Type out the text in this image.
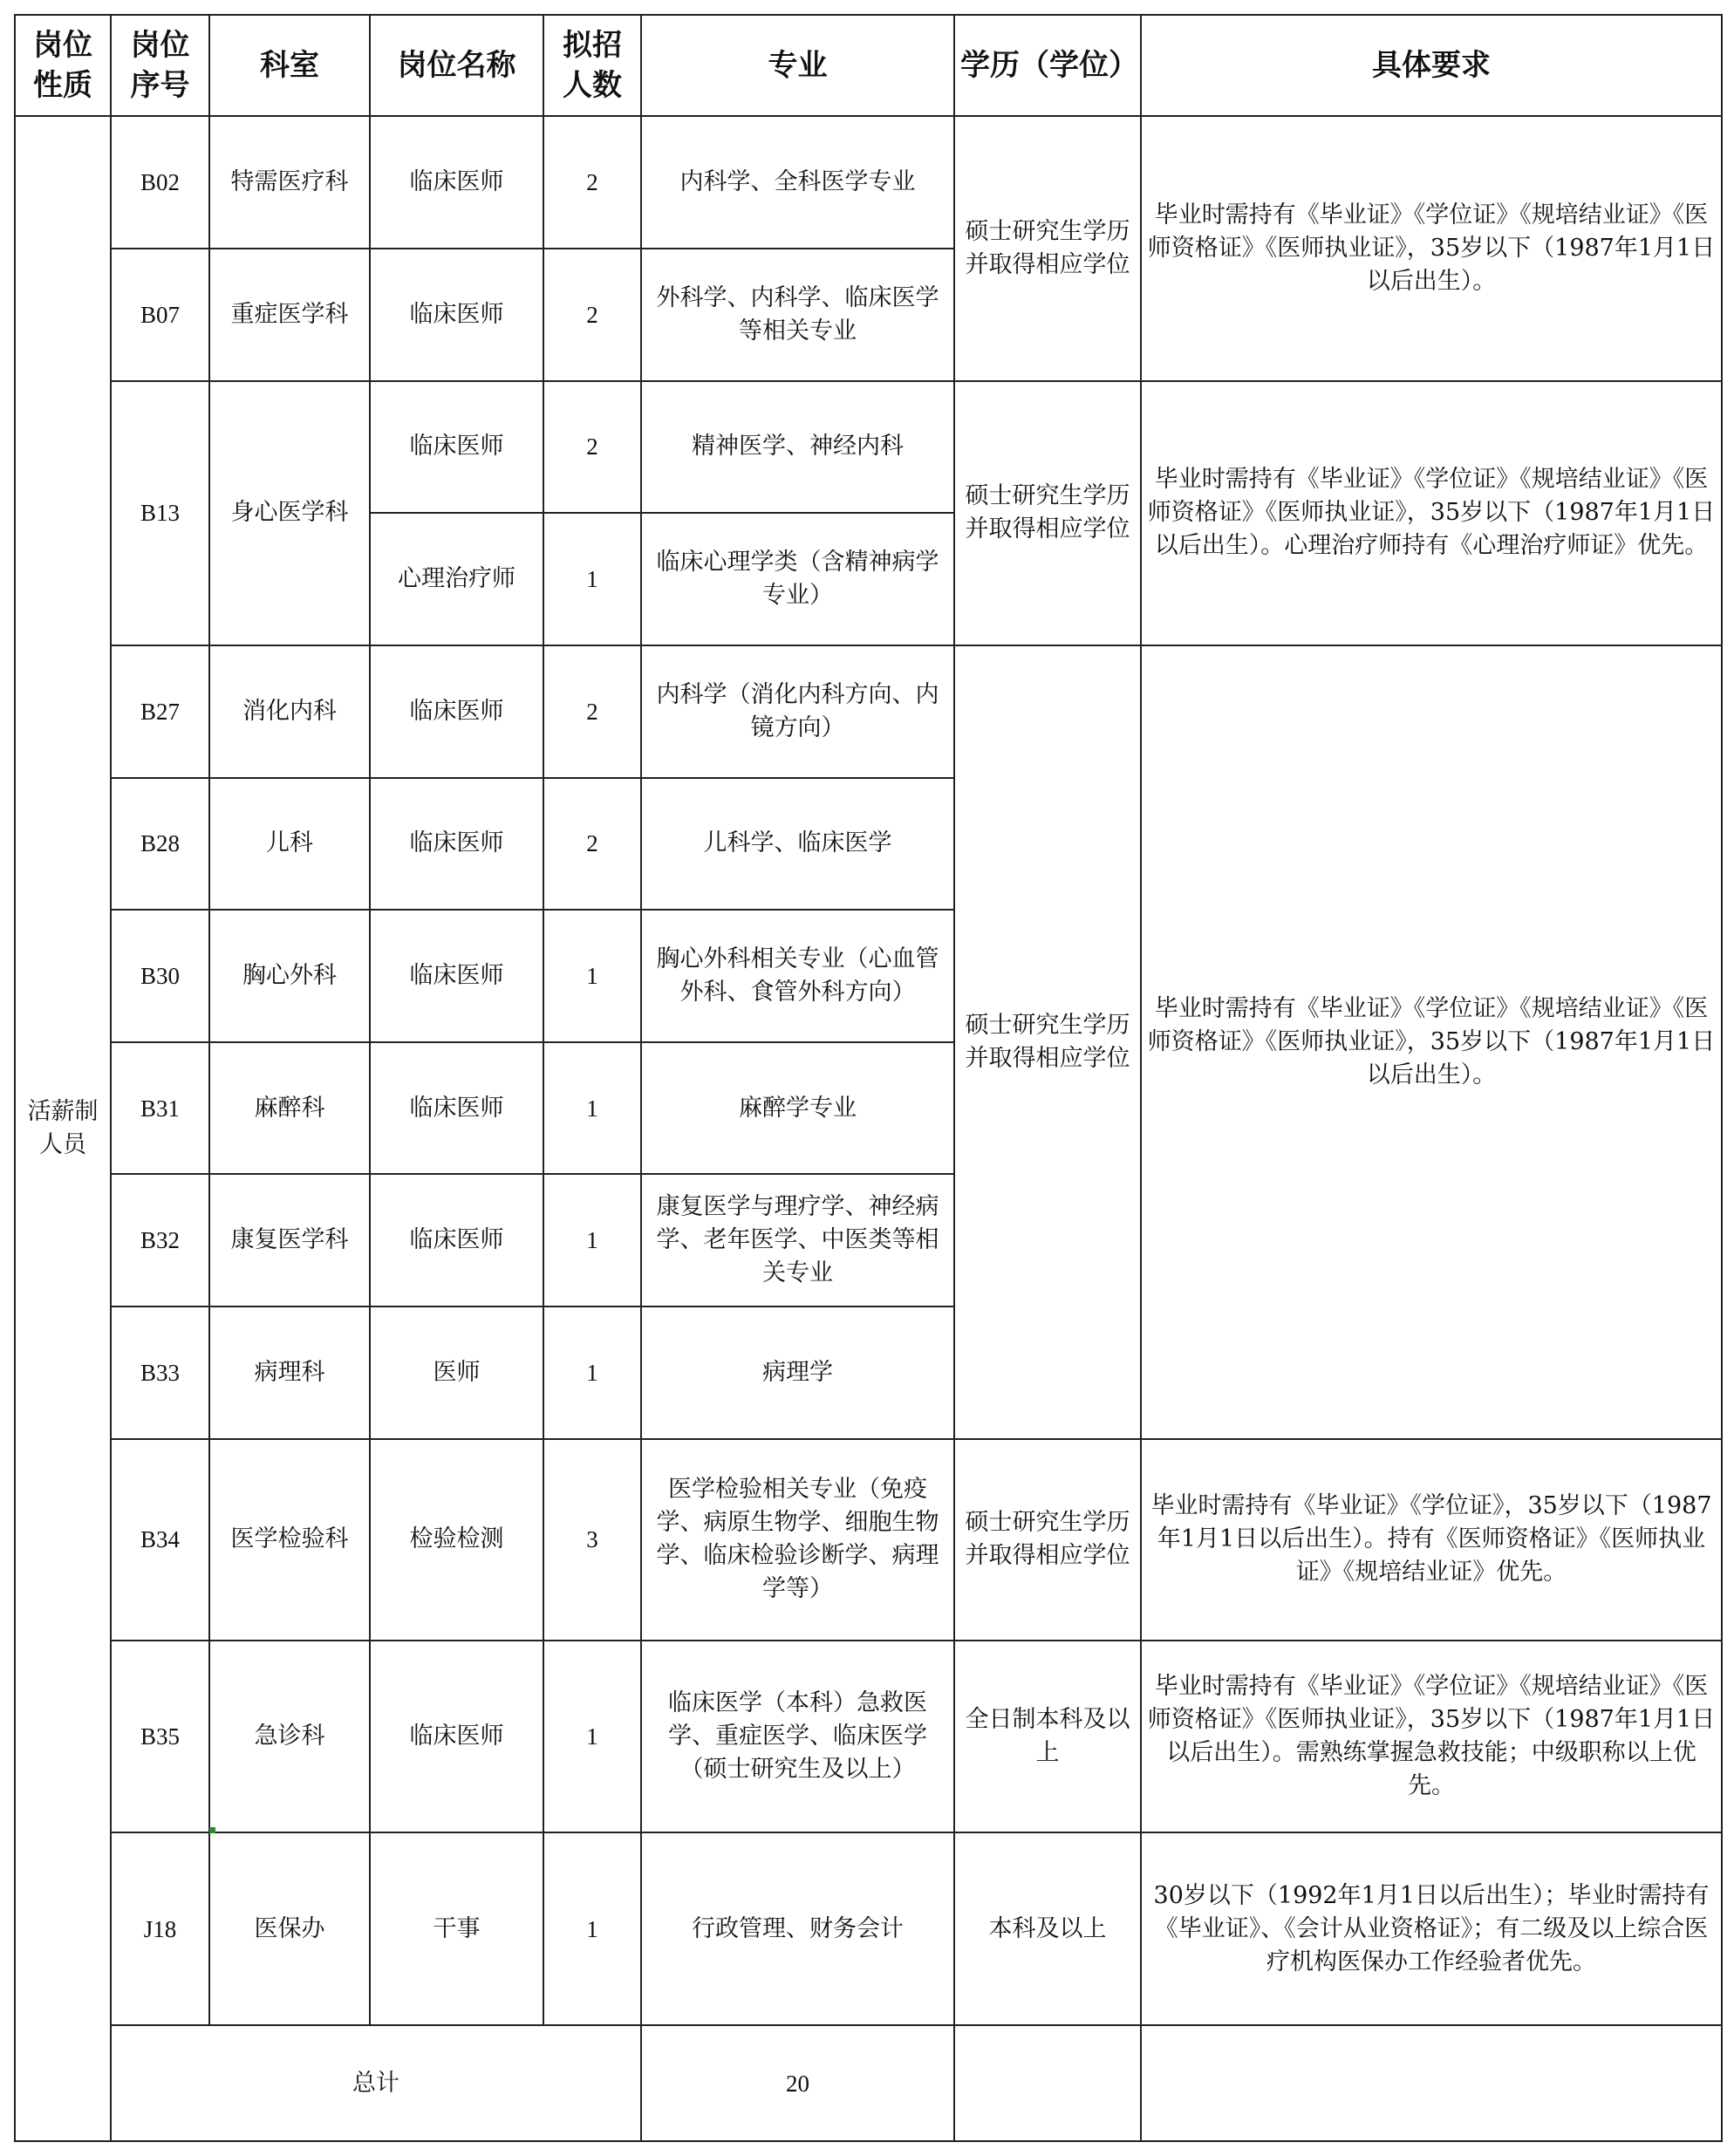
岗位性质	岗位序号	科室	岗位名称	拟招人数	专业	学历（学位）	具体要求	
活薪制人员	B02	特需医疗科	临床医师	2	内科学、全科医学专业	硕士研究生学历并取得相应学位	毕业时需持有《毕业证》《学位证》《规培结业证》《医师资格证》《医师执业证》，35岁以下（1987年1月1日以后出生）。	
	B07	重症医学科	临床医师	2	外科学、内科学、临床医学等相关专业			
	B13	身心医学科	临床医师	2	精神医学、神经内科	硕士研究生学历并取得相应学位	毕业时需持有《毕业证》《学位证》《规培结业证》《医师资格证》《医师执业证》，35岁以下（1987年1月1日以后出生）。心理治疗师持有《心理治疗师证》优先。	
			心理治疗师	1	临床心理学类（含精神病学专业）			
	B27	消化内科	临床医师	2	内科学（消化内科方向、内镜方向）	硕士研究生学历并取得相应学位	毕业时需持有《毕业证》《学位证》《规培结业证》《医师资格证》《医师执业证》，35岁以下（1987年1月1日以后出生）。	
	B28	儿科	临床医师	2	儿科学、临床医学			
	B30	胸心外科	临床医师	1	胸心外科相关专业（心血管外科、食管外科方向）			
	B31	麻醉科	临床医师	1	麻醉学专业			
	B32	康复医学科	临床医师	1	康复医学与理疗学、神经病学、老年医学、中医类等相关专业			
	B33	病理科	医师	1	病理学			
	B34	医学检验科	检验检测	3	医学检验相关专业（免疫学、病原生物学、细胞生物学、临床检验诊断学、病理学等）	硕士研究生学历并取得相应学位	毕业时需持有《毕业证》《学位证》，35岁以下（1987年1月1日以后出生）。持有《医师资格证》《医师执业证》《规培结业证》优先。	
	B35	急诊科	临床医师	1	临床医学（本科）急救医学、重症医学、临床医学（硕士研究生及以上）	全日制本科及以上	毕业时需持有《毕业证》《学位证》《规培结业证》《医师资格证》《医师执业证》，35岁以下（1987年1月1日以后出生）。需熟练掌握急救技能；中级职称以上优先。	
	J18	医保办	干事	1	行政管理、财务会计	本科及以上	30岁以下（1992年1月1日以后出生）；毕业时需持有《毕业证》、《会计从业资格证》；有二级及以上综合医疗机构医保办工作经验者优先。	
	总计				20			
